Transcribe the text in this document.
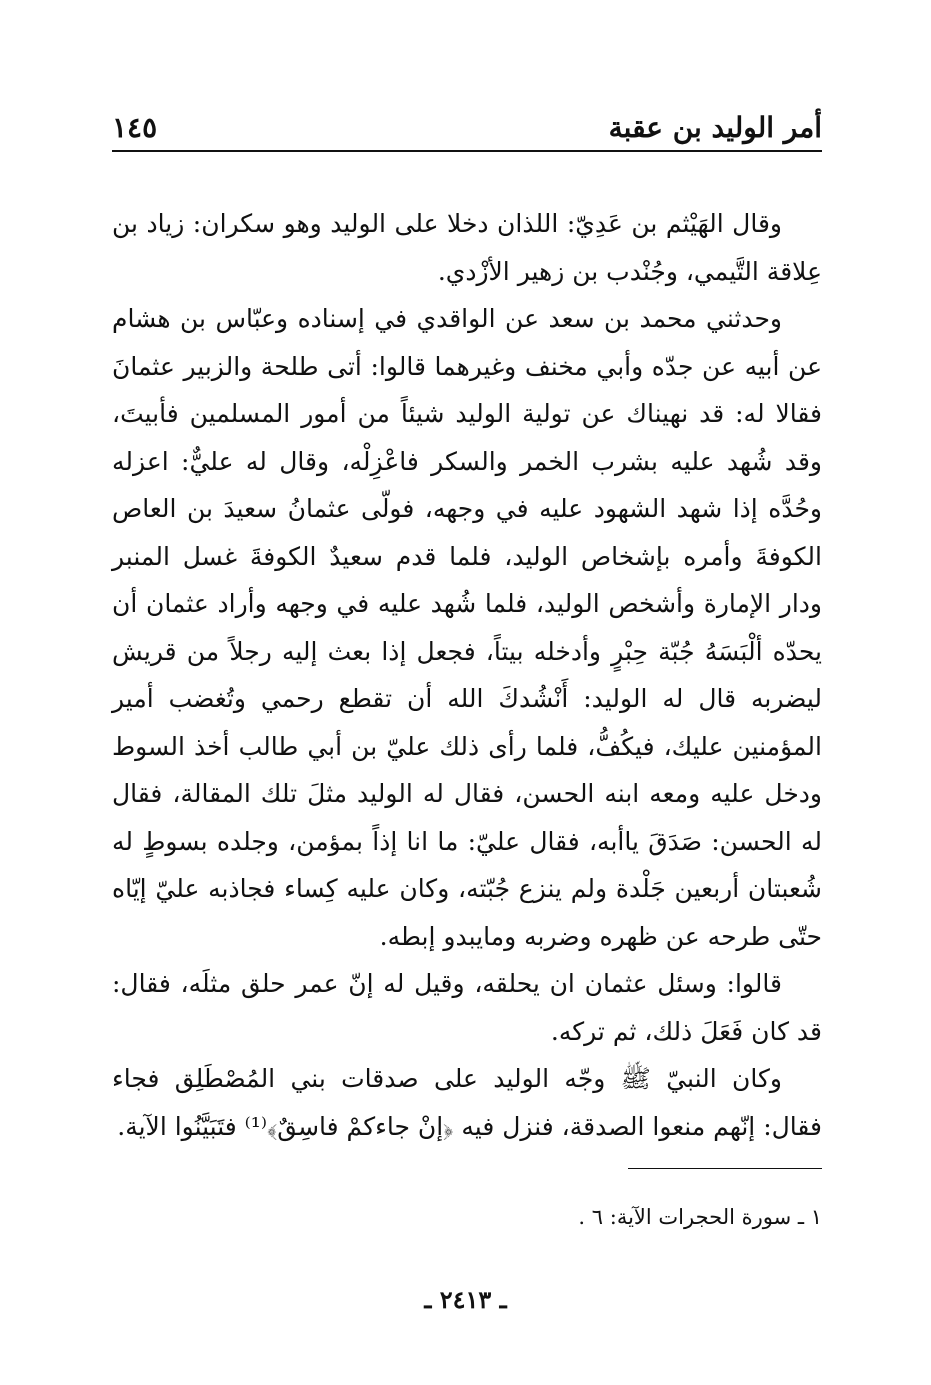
أمر الوليد بن عقبة
١٤٥

وقال الهَيْثم بن عَدِيّ: اللذان دخلا على الوليد وهو سكران: زياد بن عِلاقة التَّيمي، وجُنْدب بن زهير الأزْدي.

وحدثني محمد بن سعد عن الواقدي في إسناده وعبّاس بن هشام عن أبيه عن جدّه وأبي مخنف وغيرهما قالوا: أتى طلحة والزبير عثمانَ فقالا له: قد نهيناك عن تولية الوليد شيئاً من أمور المسلمين فأبيتَ، وقد شُهد عليه بشرب الخمر والسكر فاعْزِلْه، وقال له عليٌّ: اعزله وحُدَّه إذا شهد الشهود عليه في وجهه، فولّى عثمانُ سعيدَ بن العاص الكوفةَ وأمره بإشخاص الوليد، فلما قدم سعيدٌ الكوفةَ غسل المنبر ودار الإمارة وأشخص الوليد، فلما شُهد عليه في وجهه وأراد عثمان أن يحدّه ألْبَسَهُ جُبّة حِبْرٍ وأدخله بيتاً، فجعل إذا بعث إليه رجلاً من قريش ليضربه قال له الوليد: أَنْشُدكَ الله أن تقطع رحمي وتُغضب أمير المؤمنين عليك، فيكُفُّ، فلما رأى ذلك عليّ بن أبي طالب أخذ السوط ودخل عليه ومعه ابنه الحسن، فقال له الوليد مثلَ تلك المقالة، فقال له الحسن: صَدَقَ ياأبه، فقال عليّ: ما انا إذاً بمؤمن، وجلده بسوطٍ له شُعبتان أربعين جَلْدة ولم ينزع جُبّته، وكان عليه كِساء فجاذبه عليّ إيّاه حتّى طرحه عن ظهره وضربه ومايبدو إبطه.

قالوا: وسئل عثمان ان يحلقه، وقيل له إنّ عمر حلق مثلَه، فقال: قد كان فَعَلَ ذلك، ثم تركه.

وكان النبيّ ﷺ وجّه الوليد على صدقات بني المُصْطَلِق فجاء فقال: إنّهم منعوا الصدقة، فنزل فيه ﴿إنْ جاءكمْ فاسِقٌ﴾⁽¹⁾ فتَبَيَّنُوا الآية.

١ ـ سورة الحجرات الآية: ٦ .
ـ ٢٤١٣ ـ
